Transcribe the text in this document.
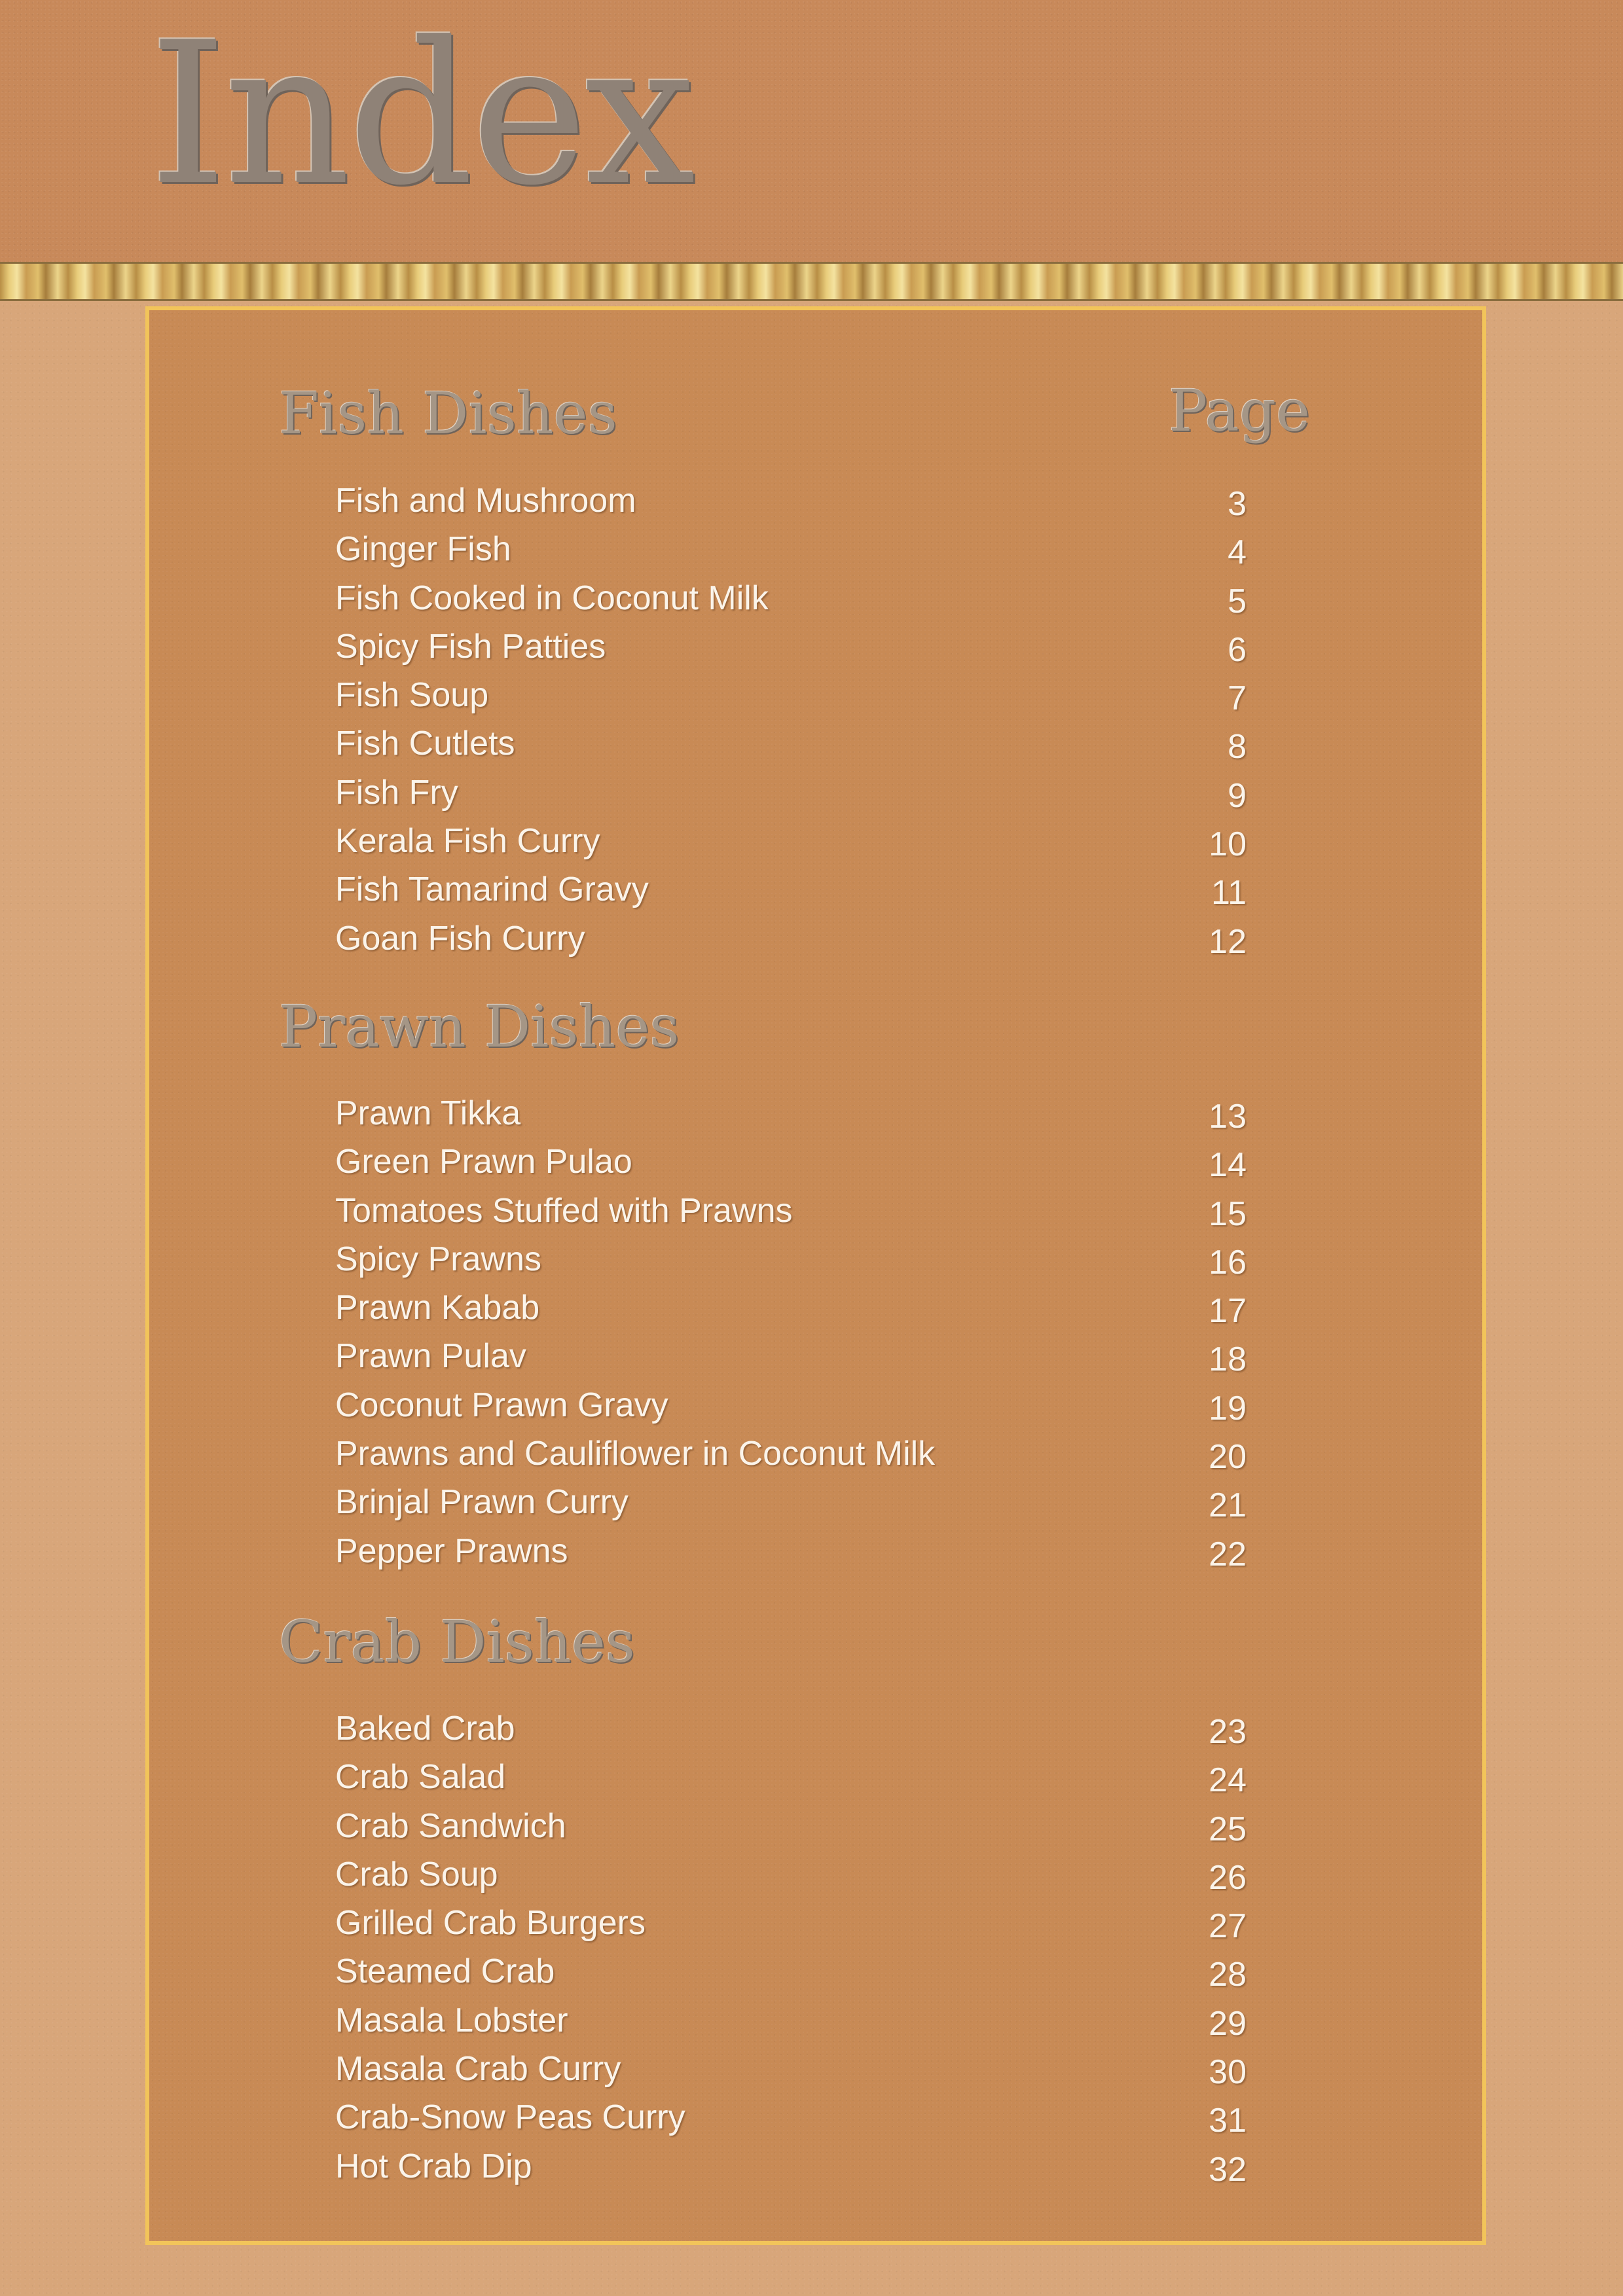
Index
Fish Dishes	Page
Fish and Mushroom	3
Ginger Fish	4
Fish Cooked in Coconut Milk	5
Spicy Fish Patties	6
Fish Soup	7
Fish Cutlets	8
Fish Fry	9
Kerala Fish Curry	10
Fish Tamarind Gravy	11
Goan Fish Curry	12
Prawn Dishes
Prawn Tikka	13
Green Prawn Pulao	14
Tomatoes Stuffed with Prawns	15
Spicy Prawns	16
Prawn Kabab	17
Prawn Pulav	18
Coconut Prawn Gravy	19
Prawns and Cauliflower in Coconut Milk	20
Brinjal Prawn Curry	21
Pepper Prawns	22
Crab Dishes
Baked Crab	23
Crab Salad	24
Crab Sandwich	25
Crab Soup	26
Grilled Crab Burgers	27
Steamed Crab	28
Masala Lobster	29
Masala Crab Curry	30
Crab-Snow Peas Curry	31
Hot Crab Dip	32
